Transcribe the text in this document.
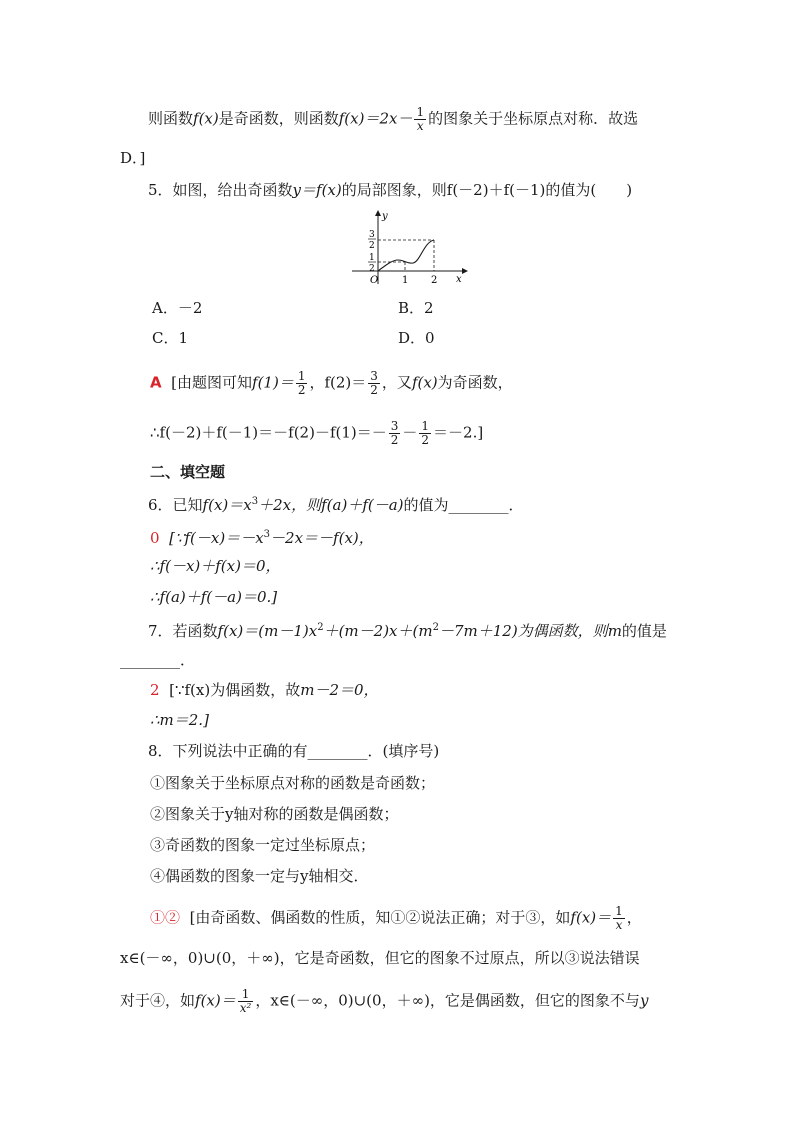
则函数f(x)是奇函数，则函数$f(x)=2x- \frac{1}{x}$ 的图象关于坐标原点对称．故选
D．]
5．如图，给出奇函数y＝f(x)的局部图象，则f(－2)＋f(－1)的值为(　　)
y
x
O 1 2
3
2
1
2
A．－2	B．2
C．1	D．0
A [由题图可知$f(1)= \frac{1}{2}$ ，$f(2)= \frac{3}{2}$ ，又f(x)为奇函数，
∴f(－2)＋f(－1)＝－f(2)－f(1)＝－ $\frac{3}{2} - \frac{1}{2} =-2$.]
二、填空题
6．已知$f(x)=x^3+2x$，则f(a)＋f(－a)的值为________．
0 [$\because f(-x)=-x^3-2x=-f(x)$，
∴f(－x)＋f(x)＝0，
∴f(a)＋f(－a)＝0.]
7．若函数$f(x)=(m-1)x^2+(m-2)x+(m^2-7m+12)$为偶函数，则m的值是
________．
2 [∵f(x)为偶函数，故m－2＝0，
∴m＝2.]
8．下列说法中正确的有________．(填序号)
①图象关于坐标原点对称的函数是奇函数；
②图象关于y轴对称的函数是偶函数；
③奇函数的图象一定过坐标原点；
④偶函数的图象一定与y轴相交．
①② [由奇函数、偶函数的性质，知①②说法正确；对于③，如$f(x)= \frac{1}{x}$ ，
x∈(－∞，0)∪(0，＋∞)，它是奇函数，但它的图象不过原点，所以③说法错误
对于④，如$f(x)= \frac{1}{\text{x²}}$ ，x∈(－∞，0)∪(0，＋∞)，它是偶函数，但它的图象不与y
